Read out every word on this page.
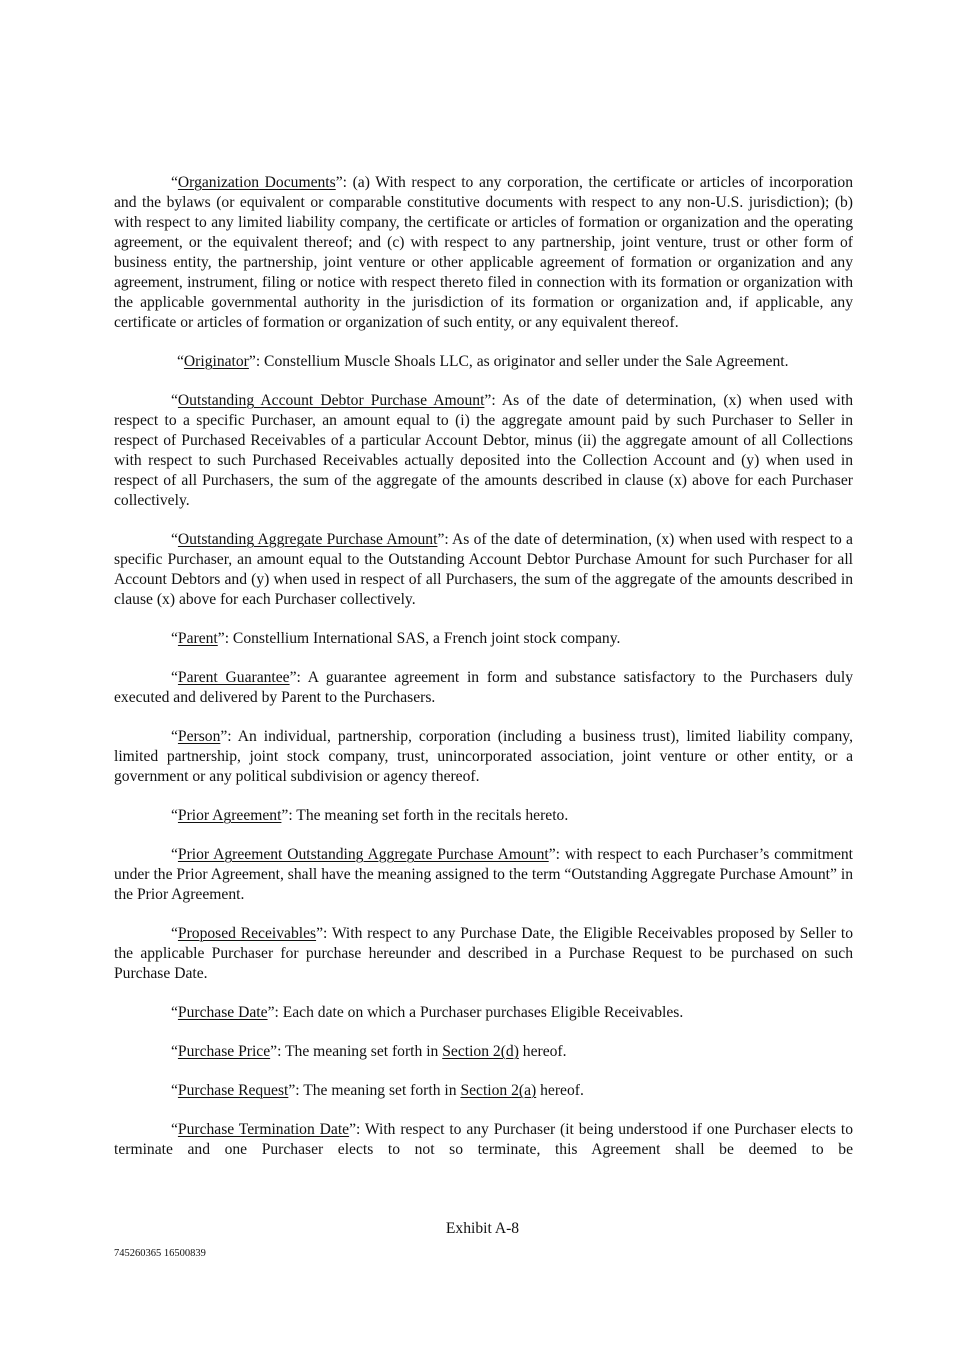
“Organization Documents”: (a) With respect to any corporation, the certificate or articles of incorporation and the bylaws (or equivalent or comparable constitutive documents with respect to any non-U.S. jurisdiction); (b) with respect to any limited liability company, the certificate or articles of formation or organization and the operating agreement, or the equivalent thereof; and (c) with respect to any partnership, joint venture, trust or other form of business entity, the partnership, joint venture or other applicable agreement of formation or organization and any agreement, instrument, filing or notice with respect thereto filed in connection with its formation or organization with the applicable governmental authority in the jurisdiction of its formation or organization and, if applicable, any certificate or articles of formation or organization of such entity, or any equivalent thereof.

“Originator”: Constellium Muscle Shoals LLC, as originator and seller under the Sale Agreement.

“Outstanding Account Debtor Purchase Amount”: As of the date of determination, (x) when used with respect to a specific Purchaser, an amount equal to (i) the aggregate amount paid by such Purchaser to Seller in respect of Purchased Receivables of a particular Account Debtor, minus (ii) the aggregate amount of all Collections with respect to such Purchased Receivables actually deposited into the Collection Account and (y) when used in respect of all Purchasers, the sum of the aggregate of the amounts described in clause (x) above for each Purchaser collectively.

“Outstanding Aggregate Purchase Amount”: As of the date of determination, (x) when used with respect to a specific Purchaser, an amount equal to the Outstanding Account Debtor Purchase Amount for such Purchaser for all Account Debtors and (y) when used in respect of all Purchasers, the sum of the aggregate of the amounts described in clause (x) above for each Purchaser collectively.

“Parent”: Constellium International SAS, a French joint stock company.

“Parent Guarantee”: A guarantee agreement in form and substance satisfactory to the Purchasers duly executed and delivered by Parent to the Purchasers.

“Person”: An individual, partnership, corporation (including a business trust), limited liability company, limited partnership, joint stock company, trust, unincorporated association, joint venture or other entity, or a government or any political subdivision or agency thereof.

“Prior Agreement”: The meaning set forth in the recitals hereto.

“Prior Agreement Outstanding Aggregate Purchase Amount”: with respect to each Purchaser’s commitment under the Prior Agreement, shall have the meaning assigned to the term “Outstanding Aggregate Purchase Amount” in the Prior Agreement.

“Proposed Receivables”: With respect to any Purchase Date, the Eligible Receivables proposed by Seller to the applicable Purchaser for purchase hereunder and described in a Purchase Request to be purchased on such Purchase Date.

“Purchase Date”: Each date on which a Purchaser purchases Eligible Receivables.

“Purchase Price”: The meaning set forth in Section 2(d) hereof.

“Purchase Request”: The meaning set forth in Section 2(a) hereof.

“Purchase Termination Date”: With respect to any Purchaser (it being understood if one Purchaser elects to terminate and one Purchaser elects to not so terminate, this Agreement shall be deemed to be

Exhibit A-8
745260365 16500839
